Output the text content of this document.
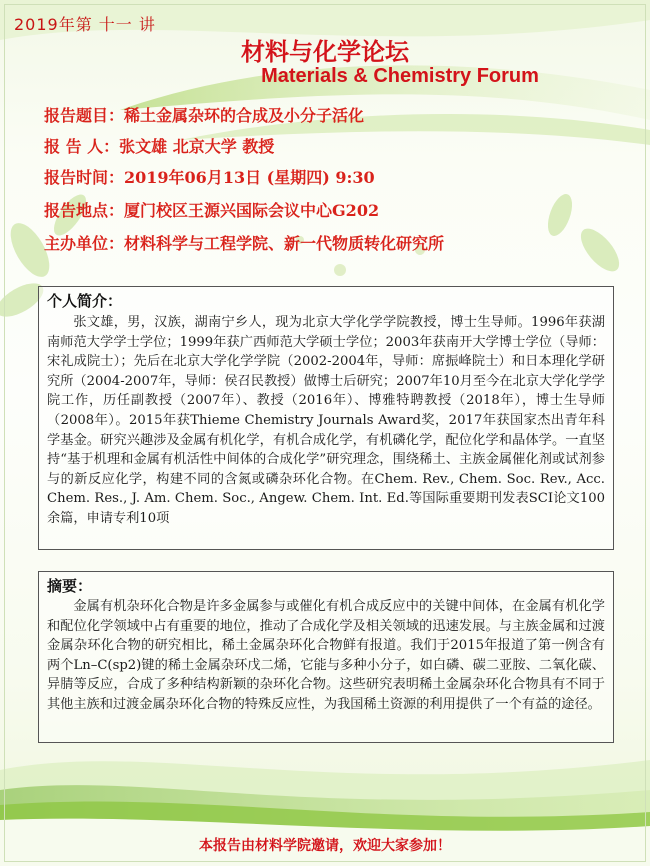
2019年第 十一 讲
材料与化学论坛
Materials & Chemistry Forum
报告题目：稀土金属杂环的合成及小分子活化
报 告 人：张文雄 北京大学 教授
报告时间：2019年06月13日 (星期四) 9:30
报告地点：厦门校区王源兴国际会议中心G202
主办单位：材料科学与工程学院、新一代物质转化研究所
个人简介：

张文雄，男，汉族，湖南宁乡人，现为北京大学化学学院教授，博士生导师。1996年获湖南师范大学学士学位；1999年获广西师范大学硕士学位；2003年获南开大学博士学位（导师：宋礼成院士）；先后在北京大学化学学院（2002-2004年，导师：席振峰院士）和日本理化学研究所（2004-2007年，导师：侯召民教授）做博士后研究；2007年10月至今在北京大学化学学院工作，历任副教授（2007年）、教授（2016年）、博雅特聘教授（2018年），博士生导师（2008年）。2015年获Thieme Chemistry Journals Award奖，2017年获国家杰出青年科学基金。研究兴趣涉及金属有机化学，有机合成化学，有机磷化学，配位化学和晶体学。一直坚持“基于机理和金属有机活性中间体的合成化学”研究理念，围绕稀土、主族金属催化剂或试剂参与的新反应化学，构建不同的含氮或磷杂环化合物。在Chem. Rev., Chem. Soc. Rev., Acc. Chem. Res., J. Am. Chem. Soc., Angew. Chem. Int. Ed.等国际重要期刊发表SCI论文100余篇，申请专利10项

摘要：

金属有机杂环化合物是许多金属参与或催化有机合成反应中的关键中间体，在金属有机化学和配位化学领域中占有重要的地位，推动了合成化学及相关领域的迅速发展。与主族金属和过渡金属杂环化合物的研究相比，稀土金属杂环化合物鲜有报道。我们于2015年报道了第一例含有两个Ln–C(sp2)键的稀土金属杂环戊二烯，它能与多种小分子，如白磷、碳二亚胺、二氧化碳、异腈等反应，合成了多种结构新颖的杂环化合物。这些研究表明稀土金属杂环化合物具有不同于其他主族和过渡金属杂环化合物的特殊反应性，为我国稀土资源的利用提供了一个有益的途径。

本报告由材料学院邀请，欢迎大家参加！
